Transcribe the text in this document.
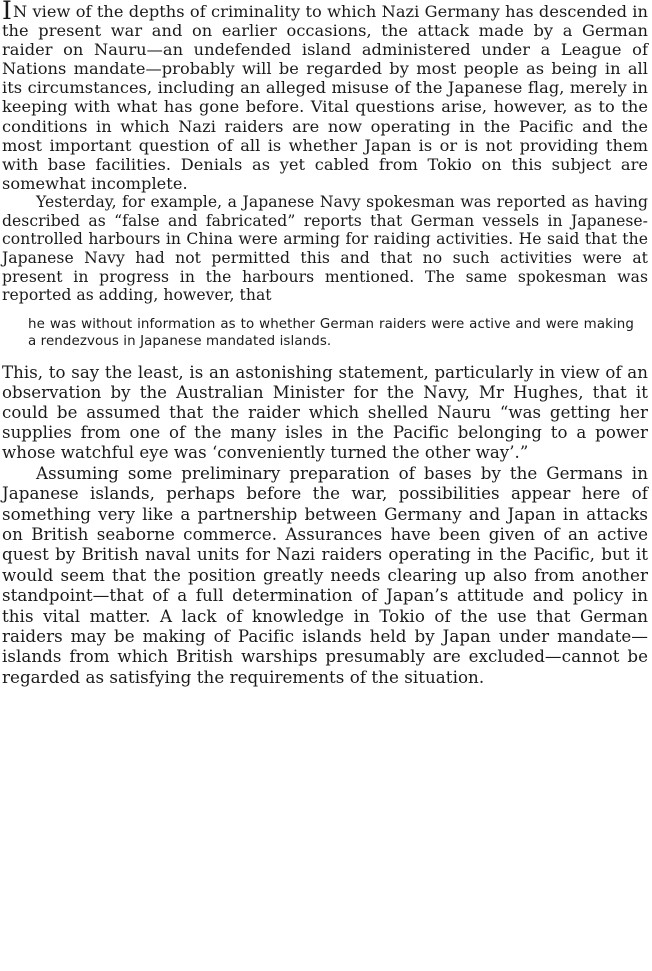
IN view of the depths of criminality to which Nazi Germany has descended in the present war and on earlier occasions, the attack made by a German raider on Nauru—an undefended island administered under a League of Nations mandate—probably will be regarded by most people as being in all its circumstances, including an alleged misuse of the Japanese flag, merely in keeping with what has gone before. Vital questions arise, however, as to the conditions in which Nazi raiders are now operating in the Pacific and the most important question of all is whether Japan is or is not providing them with base facilities. Denials as yet cabled from Tokio on this subject are somewhat incomplete.

Yesterday, for example, a Japanese Navy spokesman was reported as having described as “false and fabricated” reports that German vessels in Japanese-controlled harbours in China were arming for raiding activities. He said that the Japanese Navy had not permitted this and that no such activities were at present in progress in the harbours mentioned. The same spokesman was reported as adding, however, that

he was without information as to whether German raiders were active and were making a rendezvous in Japanese mandated islands.

This, to say the least, is an astonishing statement, particularly in view of an observation by the Australian Minister for the Navy, Mr Hughes, that it could be assumed that the raider which shelled Nauru “was getting her supplies from one of the many isles in the Pacific belonging to a power whose watchful eye was ‘conveniently turned the other way’.”

Assuming some preliminary preparation of bases by the Germans in Japanese islands, perhaps before the war, possibilities appear here of something very like a partnership between Germany and Japan in attacks on British seaborne commerce. Assurances have been given of an active quest by British naval units for Nazi raiders operating in the Pacific, but it would seem that the position greatly needs clearing up also from another standpoint—that of a full determination of Japan’s attitude and policy in this vital matter. A lack of knowledge in Tokio of the use that German raiders may be making of Pacific islands held by Japan under mandate—islands from which British warships presumably are excluded—cannot be regarded as satisfying the requirements of the situation.
